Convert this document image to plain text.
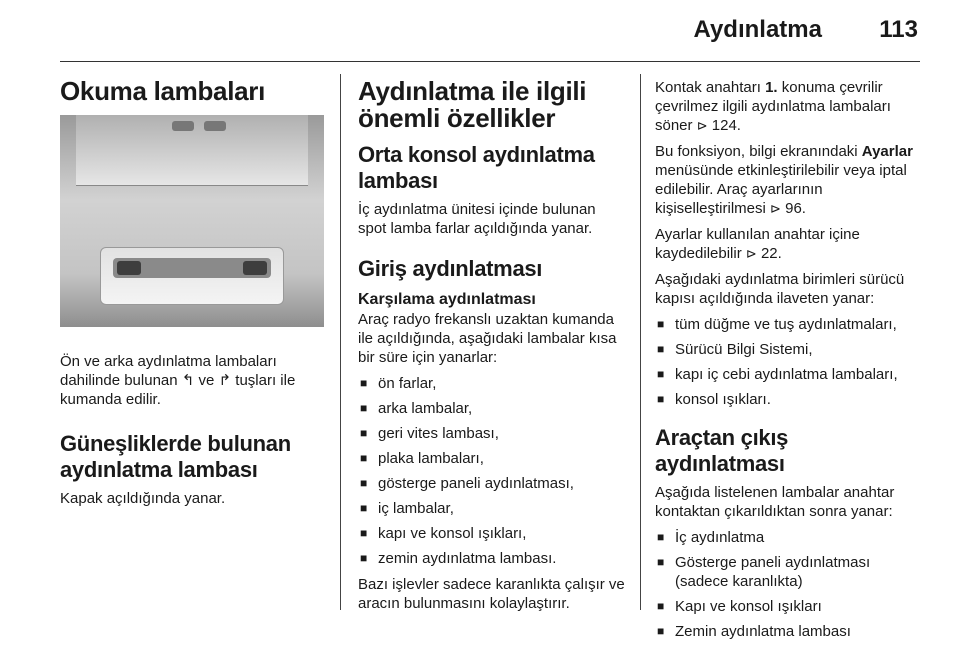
Aydınlatma 113
Okuma lambaları

Ön ve arka aydınlatma lambaları dahilinde bulunan ↰ ve ↱ tuşları ile kumanda edilir.

Güneşliklerde bulunan aydınlatma lambası

Kapak açıldığında yanar.

Aydınlatma ile ilgili önemli özellikler
Orta konsol aydınlatma lambası

İç aydınlatma ünitesi içinde bulunan spot lamba farlar açıldığında yanar.

Giriş aydınlatması
Karşılama aydınlatması

Araç radyo frekanslı uzaktan kumanda ile açıldığında, aşağıdaki lambalar kısa bir süre için yanarlar:

■ ön farlar,
■ arka lambalar,
■ geri vites lambası,
■ plaka lambaları,
■ gösterge paneli aydınlatması,
■ iç lambalar,
■ kapı ve konsol ışıkları,
■ zemin aydınlatma lambası.

Bazı işlevler sadece karanlıkta çalışır ve aracın bulunmasını kolaylaştırır.

Kontak anahtarı 1. konuma çevrilir çevrilmez ilgili aydınlatma lambaları söner ⊳ 124.

Bu fonksiyon, bilgi ekranındaki Ayarlar menüsünde etkinleştirilebilir veya iptal edilebilir. Araç ayarlarının kişiselleştirilmesi ⊳ 96.

Ayarlar kullanılan anahtar içine kaydedilebilir ⊳ 22.

Aşağıdaki aydınlatma birimleri sürücü kapısı açıldığında ilaveten yanar:

■ tüm düğme ve tuş aydınlatmaları,
■ Sürücü Bilgi Sistemi,
■ kapı iç cebi aydınlatma lambaları,
■ konsol ışıkları.
Araçtan çıkış aydınlatması

Aşağıda listelenen lambalar anahtar kontaktan çıkarıldıktan sonra yanar:

■ İç aydınlatma
■ Gösterge paneli aydınlatması (sadece karanlıkta)
■ Kapı ve konsol ışıkları
■ Zemin aydınlatma lambası
